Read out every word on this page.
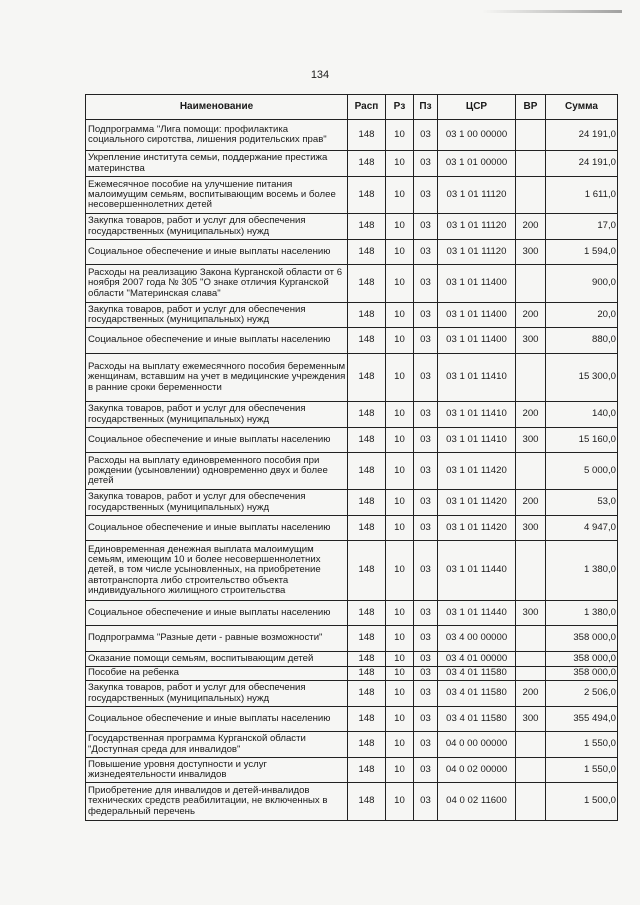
134
Наименование	Расп	Рз	Пз	ЦСР	ВР	Сумма
Подпрограмма "Лига помощи: профилактика социального сиротства, лишения родительских прав"	148	10	03	03 1 00 00000		24 191,0
Укрепление института семьи, поддержание престижа материнства	148	10	03	03 1 01 00000		24 191,0
Ежемесячное пособие на улучшение питания малоимущим семьям, воспитывающим восемь и более несовершеннолетних детей	148	10	03	03 1 01 11120		1 611,0
Закупка товаров, работ и услуг для обеспечения государственных (муниципальных) нужд	148	10	03	03 1 01 11120	200	17,0
Социальное обеспечение и иные выплаты населению	148	10	03	03 1 01 11120	300	1 594,0
Расходы на реализацию Закона Курганской области от 6 ноября 2007 года № 305 "О знаке отличия Курганской области "Материнская слава"	148	10	03	03 1 01 11400		900,0
Закупка товаров, работ и услуг для обеспечения государственных (муниципальных) нужд	148	10	03	03 1 01 11400	200	20,0
Социальное обеспечение и иные выплаты населению	148	10	03	03 1 01 11400	300	880,0
Расходы на выплату ежемесячного пособия беременным женщинам, вставшим на учет в медицинские учреждения в ранние сроки беременности	148	10	03	03 1 01 11410		15 300,0
Закупка товаров, работ и услуг для обеспечения государственных (муниципальных) нужд	148	10	03	03 1 01 11410	200	140,0
Социальное обеспечение и иные выплаты населению	148	10	03	03 1 01 11410	300	15 160,0
Расходы на выплату единовременного пособия при рождении (усыновлении) одновременно двух и более детей	148	10	03	03 1 01 11420		5 000,0
Закупка товаров, работ и услуг для обеспечения государственных (муниципальных) нужд	148	10	03	03 1 01 11420	200	53,0
Социальное обеспечение и иные выплаты населению	148	10	03	03 1 01 11420	300	4 947,0
Единовременная денежная выплата малоимущим семьям, имеющим 10 и более несовершеннолетних детей, в том числе усыновленных, на приобретение автотранспорта либо строительство объекта индивидуального жилищного строительства	148	10	03	03 1 01 11440		1 380,0
Социальное обеспечение и иные выплаты населению	148	10	03	03 1 01 11440	300	1 380,0
Подпрограмма "Разные дети - равные возможности"	148	10	03	03 4 00 00000		358 000,0
Оказание помощи семьям, воспитывающим детей	148	10	03	03 4 01 00000		358 000,0
Пособие на ребенка	148	10	03	03 4 01 11580		358 000,0
Закупка товаров, работ и услуг для обеспечения государственных (муниципальных) нужд	148	10	03	03 4 01 11580	200	2 506,0
Социальное обеспечение и иные выплаты населению	148	10	03	03 4 01 11580	300	355 494,0
Государственная программа Курганской области "Доступная среда для инвалидов"	148	10	03	04 0 00 00000		1 550,0
Повышение уровня доступности и услуг жизнедеятельности инвалидов	148	10	03	04 0 02 00000		1 550,0
Приобретение для инвалидов и детей-инвалидов технических средств реабилитации, не включенных в федеральный перечень	148	10	03	04 0 02 11600		1 500,0
